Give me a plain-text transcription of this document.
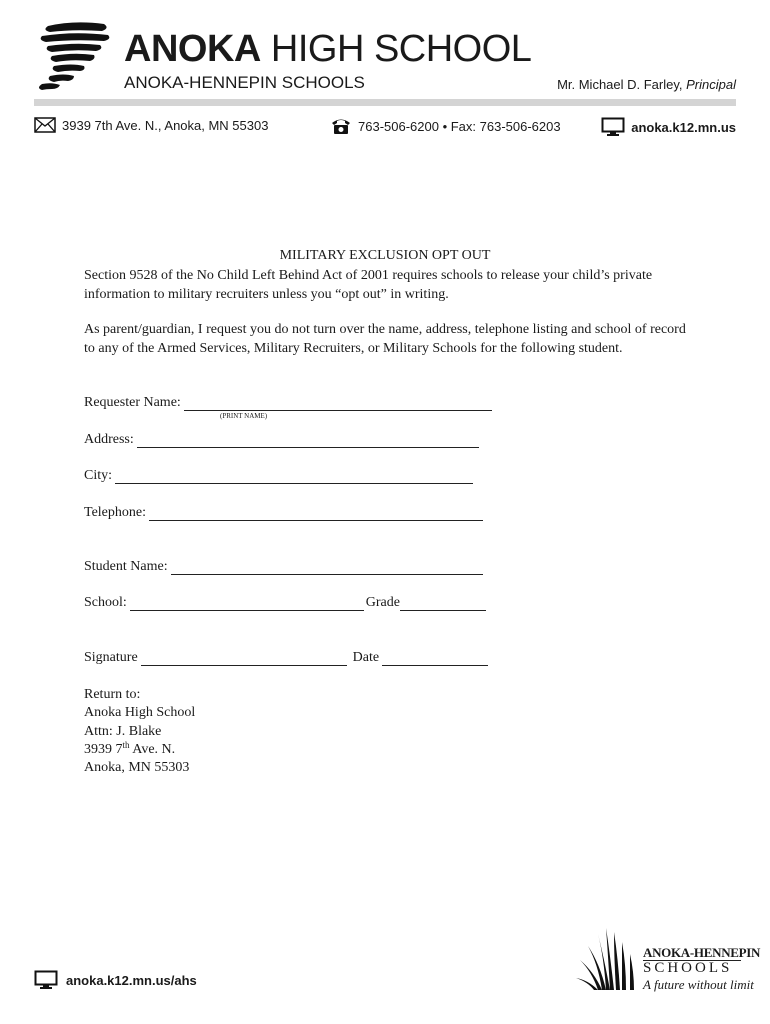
ANOKA HIGH SCHOOL
ANOKA-HENNEPIN SCHOOLS	Mr. Michael D. Farley, Principal
3939 7th Ave. N., Anoka, MN 55303	763-506-6200 • Fax: 763-506-6203	anoka.k12.mn.us
MILITARY EXCLUSION OPT OUT
Section 9528 of the No Child Left Behind Act of 2001 requires schools to release your child’s private information to military recruiters unless you “opt out” in writing.
As parent/guardian, I request you do not turn over the name, address, telephone listing and school of record to any of the Armed Services, Military Recruiters, or Military Schools for the following student.
Requester Name:
(PRINT NAME)
Address:
City:
Telephone:
Student Name:
School:	Grade
Signature	Date
Return to:
Anoka High School
Attn: J. Blake
3939 7th Ave. N.
Anoka, MN 55303
anoka.k12.mn.us/ahs
ANOKA-HENNEPIN
SCHOOLS
A future without limit
